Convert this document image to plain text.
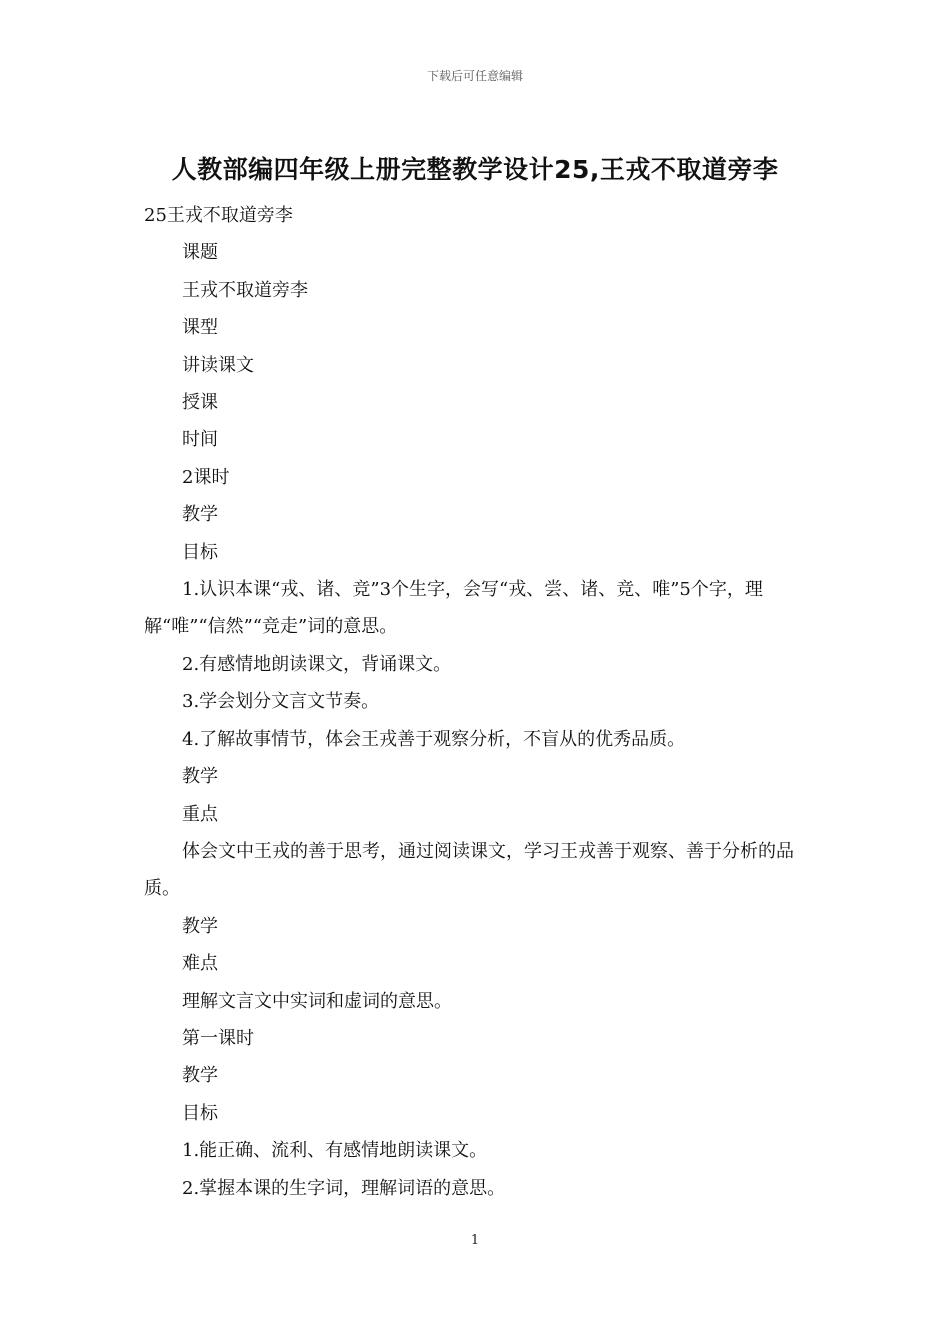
下载后可任意编辑
人教部编四年级上册完整教学设计25,王戎不取道旁李

25王戎不取道旁李

课题

王戎不取道旁李

课型

讲读课文

授课

时间

2课时

教学

目标

1.认识本课“戎、诸、竞”3个生字，会写“戎、尝、诸、竞、唯”5个字，理解“唯”“信然”“竞走”词的意思。

2.有感情地朗读课文，背诵课文。

3.学会划分文言文节奏。

4.了解故事情节，体会王戎善于观察分析，不盲从的优秀品质。

教学

重点

体会文中王戎的善于思考，通过阅读课文，学习王戎善于观察、善于分析的品质。

教学

难点

理解文言文中实词和虚词的意思。

第一课时

教学

目标

1.能正确、流利、有感情地朗读课文。

2.掌握本课的生字词，理解词语的意思。

1
